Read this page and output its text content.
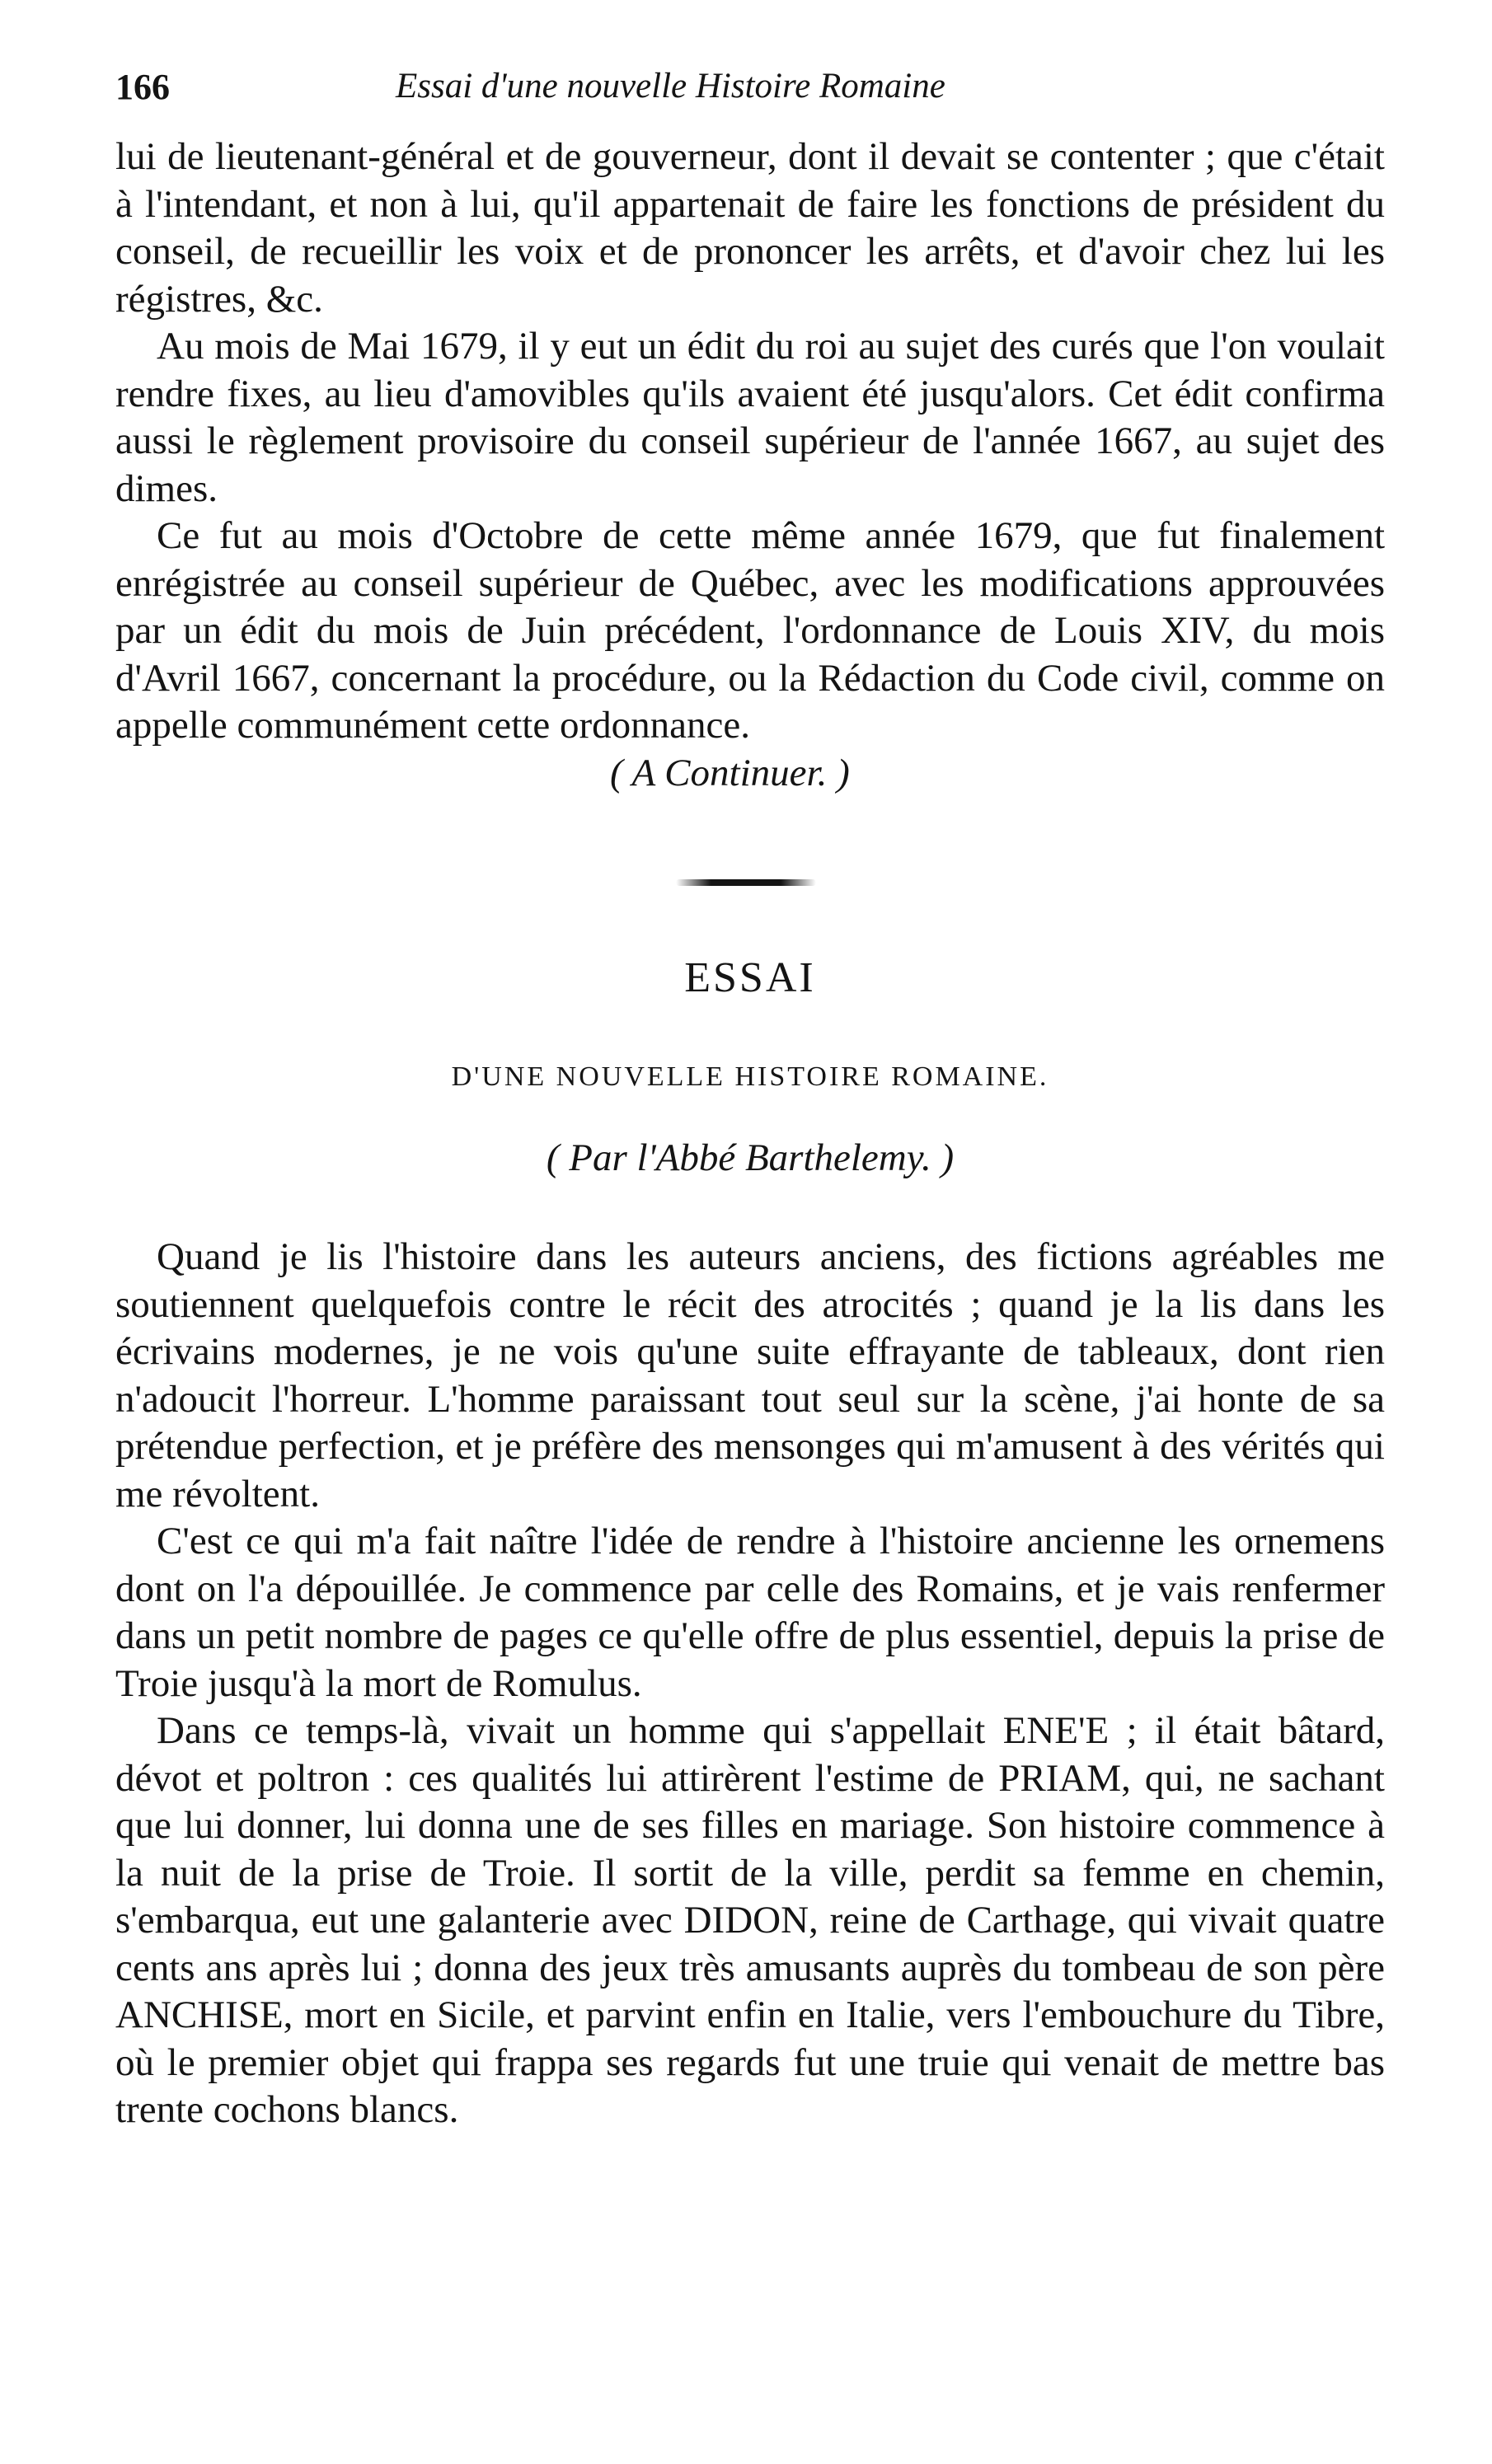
166	Essai d'une nouvelle Histoire Romaine

lui de lieutenant-général et de gouverneur, dont il devait se contenter ; que c'était à l'intendant, et non à lui, qu'il appartenait de faire les fonctions de président du conseil, de recueillir les voix et de prononcer les arrêts, et d'avoir chez lui les régistres, &c.

Au mois de Mai 1679, il y eut un édit du roi au sujet des curés que l'on voulait rendre fixes, au lieu d'amovibles qu'ils avaient été jusqu'alors. Cet édit confirma aussi le règlement provisoire du conseil supérieur de l'année 1667, au sujet des dimes.

Ce fut au mois d'Octobre de cette même année 1679, que fut finalement enrégistrée au conseil supérieur de Québec, avec les modifications approuvées par un édit du mois de Juin précédent, l'ordonnance de Louis XIV, du mois d'Avril 1667, concernant la procédure, ou la Rédaction du Code civil, comme on appelle communément cette ordonnance.

( A Continuer. )

ESSAI

D'UNE NOUVELLE HISTOIRE ROMAINE.

( Par l'Abbé Barthelemy. )

Quand je lis l'histoire dans les auteurs anciens, des fictions agréables me soutiennent quelquefois contre le récit des atrocités ; quand je la lis dans les écrivains modernes, je ne vois qu'une suite effrayante de tableaux, dont rien n'adoucit l'horreur. L'homme paraissant tout seul sur la scène, j'ai honte de sa prétendue perfection, et je préfère des mensonges qui m'amusent à des vérités qui me révoltent.

C'est ce qui m'a fait naître l'idée de rendre à l'histoire ancienne les ornemens dont on l'a dépouillée. Je commence par celle des Romains, et je vais renfermer dans un petit nombre de pages ce qu'elle offre de plus essentiel, depuis la prise de Troie jusqu'à la mort de Romulus.

Dans ce temps-là, vivait un homme qui s'appellait ENE'E ; il était bâtard, dévot et poltron : ces qualités lui attirèrent l'estime de PRIAM, qui, ne sachant que lui donner, lui donna une de ses filles en mariage. Son histoire commence à la nuit de la prise de Troie. Il sortit de la ville, perdit sa femme en chemin, s'embarqua, eut une galanterie avec DIDON, reine de Carthage, qui vivait quatre cents ans après lui ; donna des jeux très amusants auprès du tombeau de son père ANCHISE, mort en Sicile, et parvint enfin en Italie, vers l'embouchure du Tibre, où le premier objet qui frappa ses regards fut une truie qui venait de mettre bas trente cochons blancs.
